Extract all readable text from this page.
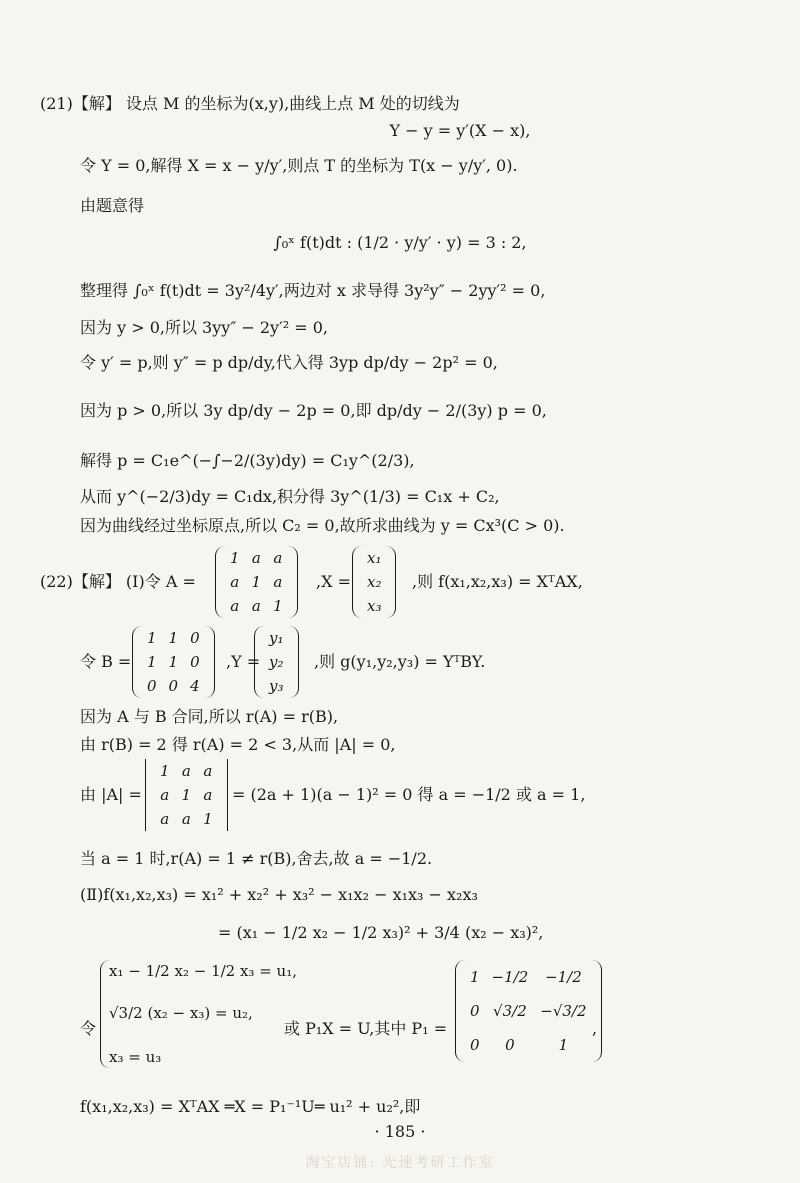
(21)【解】 设点 M 的坐标为(x,y),曲线上点 M 处的切线为
Y − y = y′(X − x),
令 Y = 0,解得 X = x − y/y′,则点 T 的坐标为 T(x − y/y′, 0).
由题意得
∫₀ˣ f(t)dt : (1/2 · y/y′ · y) = 3 : 2,
整理得 ∫₀ˣ f(t)dt = 3y²/4y′,两边对 x 求导得 3y²y″ − 2yy′² = 0,
因为 y > 0,所以 3yy″ − 2y′² = 0,
令 y′ = p,则 y″ = p dp/dy,代入得 3yp dp/dy − 2p² = 0,
因为 p > 0,所以 3y dp/dy − 2p = 0,即 dp/dy − 2/(3y) p = 0,
解得 p = C₁e^(−∫−2/(3y)dy) = C₁y^(2/3),
从而 y^(−2/3)dy = C₁dx,积分得 3y^(1/3) = C₁x + C₂,
因为曲线经过坐标原点,所以 C₂ = 0,故所求曲线为 y = Cx³(C > 0).
(22)【解】 (Ⅰ)令 A =
1	a	a
a	1	a
a	a	1
,X =
x₁
x₂
x₃
,则 f(x₁,x₂,x₃) = XᵀAX,
令 B =
1	1	0
1	1	0
0	0	4
,Y =
y₁
y₂
y₃
,则 g(y₁,y₂,y₃) = YᵀBY.
因为 A 与 B 合同,所以 r(A) = r(B),
由 r(B) = 2 得 r(A) = 2 < 3,从而 |A| = 0,
由 |A| =
1	a	a
a	1	a
a	a	1
= (2a + 1)(a − 1)² = 0 得 a = −1/2 或 a = 1,
当 a = 1 时,r(A) = 1 ≠ r(B),舍去,故 a = −1/2.
(Ⅱ)f(x₁,x₂,x₃) = x₁² + x₂² + x₃² − x₁x₂ − x₁x₃ − x₂x₃
= (x₁ − 1/2 x₂ − 1/2 x₃)² + 3/4 (x₂ − x₃)²,
令
x₁ − 1/2 x₂ − 1/2 x₃ = u₁,
√3/2 (x₂ − x₃) = u₂,
x₃ = u₃
或 P₁X = U,其中 P₁ =
1	−1/2	−1/2
0	√3/2	−√3/2
0	0	1
,
f(x₁,x₂,x₃) = XᵀAX ═X = P₁⁻¹U═ u₁² + u₂²,即
· 185 ·
淘宝店铺: 光速考研工作室
